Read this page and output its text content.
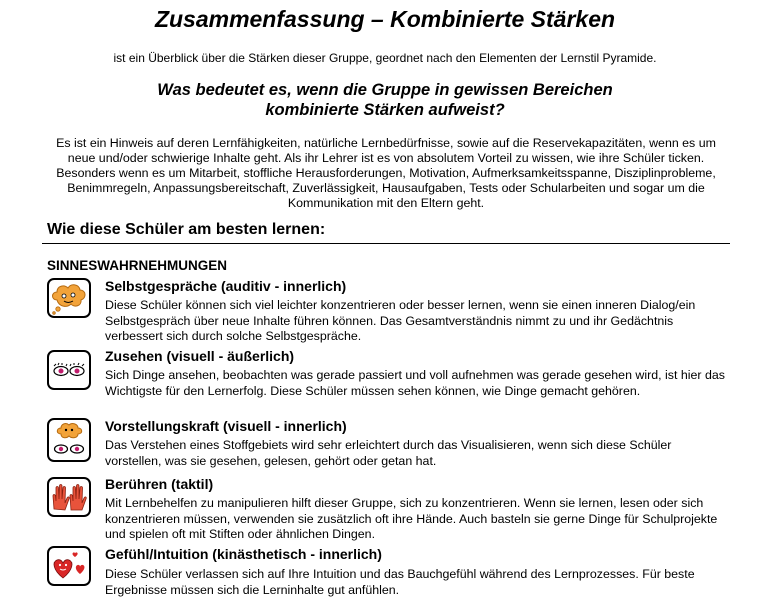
Zusammenfassung – Kombinierte Stärken
ist ein Überblick über die Stärken dieser Gruppe, geordnet nach den Elementen der Lernstil Pyramide.
Was bedeutet es, wenn die Gruppe in gewissen Bereichen
kombinierte Stärken aufweist?
Es ist ein Hinweis auf deren Lernfähigkeiten, natürliche Lernbedürfnisse, sowie auf die Reservekapazitäten, wenn es um neue und/oder schwierige Inhalte geht. Als ihr Lehrer ist es von absolutem Vorteil zu wissen, wie ihre Schüler ticken. Besonders wenn es um Mitarbeit, stoffliche Herausforderungen, Motivation, Aufmerksamkeitsspanne, Disziplinprobleme, Benimmregeln, Anpassungsbereitschaft, Zuverlässigkeit, Hausaufgaben, Tests oder Schularbeiten und sogar um die Kommunikation mit den Eltern geht.
Wie diese Schüler am besten lernen:
SINNESWAHRNEHMUNGEN
Selbstgespräche (auditiv - innerlich)
Diese Schüler können sich viel leichter konzentrieren oder besser lernen, wenn sie einen inneren Dialog/ein Selbstgespräch über neue Inhalte führen können. Das Gesamtverständnis nimmt zu und ihr Gedächtnis verbessert sich durch solche Selbstgespräche.
Zusehen (visuell - äußerlich)
Sich Dinge ansehen, beobachten was gerade passiert und voll aufnehmen was gerade gesehen wird, ist hier das Wichtigste für den Lernerfolg. Diese Schüler müssen sehen können, wie Dinge gemacht gehören.
Vorstellungskraft (visuell - innerlich)
Das Verstehen eines Stoffgebiets wird sehr erleichtert durch das Visualisieren, wenn sich diese Schüler vorstellen, was sie gesehen, gelesen, gehört oder getan hat.
Berühren (taktil)
Mit Lernbehelfen zu manipulieren hilft dieser Gruppe, sich zu konzentrieren. Wenn sie lernen, lesen oder sich konzentrieren müssen, verwenden sie zusätzlich oft ihre Hände. Auch basteln sie gerne Dinge für Schulprojekte und spielen oft mit Stiften oder ähnlichen Dingen.
Gefühl/Intuition (kinästhetisch - innerlich)
Diese Schüler verlassen sich auf Ihre Intuition und das Bauchgefühl während des Lernprozesses. Für beste Ergebnisse müssen sich die Lerninhalte gut anfühlen.
